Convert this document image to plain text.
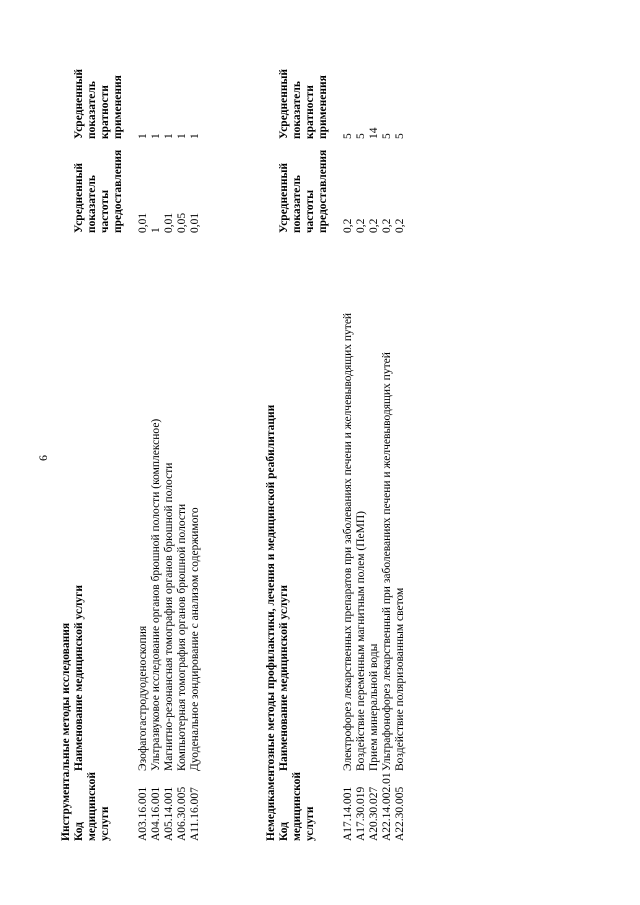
6
Инструментальные методы исследования Код медицинской услуги	Наименование медицинской услуги	Усредненный показатель частоты предоставления	Усредненный показатель кратности применения
A03.16.001	Эзофагогастродуоденоскопия	0,01	1
A04.16.001	Ультразвуковое исследование органов брюшной полости (комплексное)	1	1
A05.14.001	Магнитно-резонансная томография органов брюшной полости	0,01	1
A06.30.005	Компьютерная томография органов брюшной полости	0,05	1
A11.16.007	Дуоденальное зондирование с анализом содержимого	0,01	1
Немедикаментозные методы профилактики, лечения и медицинской реабилитации Код медицинской услуги	Наименование медицинской услуги	Усредненный показатель частоты предоставления	Усредненный показатель кратности применения
A17.14.001	Электрофорез лекарственных препаратов при заболеваниях печени и желчевыводящих путей	0,2	5
A17.30.019	Воздействие переменным магнитным полем (ПеМП)	0,2	5
A20.30.027	Прием минеральной воды	0,2	14
A22.14.002.01	Ультрафонофорез лекарственный при заболеваниях печени и желчевыводящих путей	0,2	5
A22.30.005	Воздействие поляризованным светом	0,2	5
